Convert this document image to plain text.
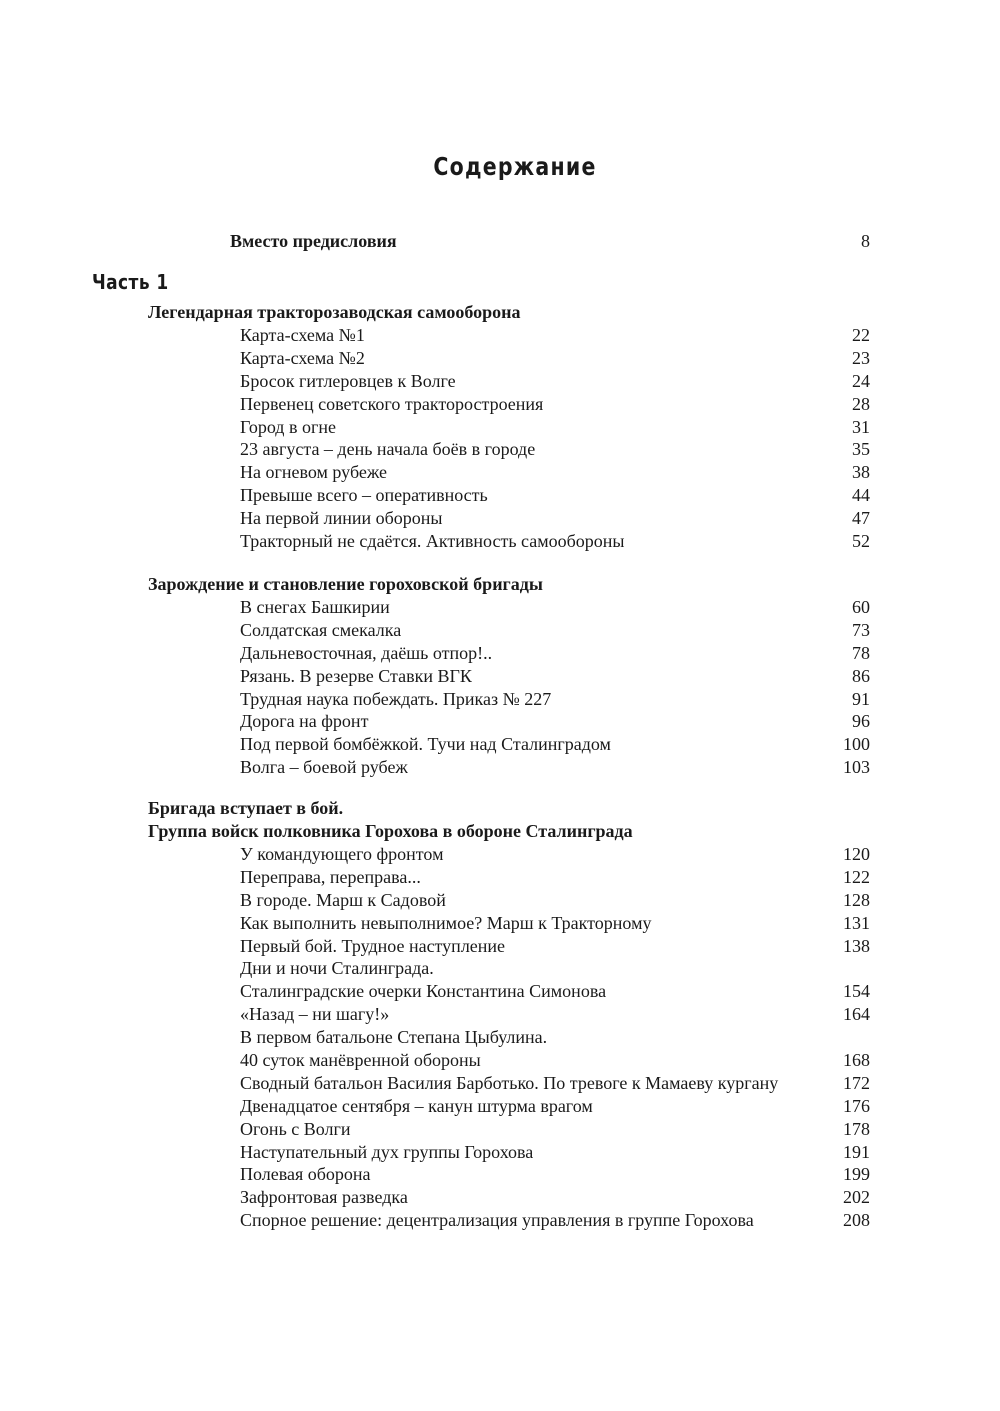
Содержание
Вместо предисловия	8
Часть 1
Легендарная тракторозаводская самооборона
Карта-схема №1	22
Карта-схема №2	23
Бросок гитлеровцев к Волге	24
Первенец советского тракторостроения	28
Город в огне	31
23 августа – день начала боёв в городе	35
На огневом рубеже	38
Превыше всего – оперативность	44
На первой линии обороны	47
Тракторный не сдаётся. Активность самообороны	52
Зарождение и становление гороховской бригады
В снегах Башкирии	60
Солдатская смекалка	73
Дальневосточная, даёшь отпор!..	78
Рязань. В резерве Ставки ВГК	86
Трудная наука побеждать. Приказ № 227	91
Дорога на фронт	96
Под первой бомбёжкой. Тучи над Сталинградом	100
Волга – боевой рубеж	103
Бригада вступает в бой.
Группа войск полковника Горохова в обороне Сталинграда
У командующего фронтом	120
Переправа, переправа...	122
В городе. Марш к Садовой	128
Как выполнить невыполнимое? Марш к Тракторному	131
Первый бой. Трудное наступление	138
Дни и ночи Сталинграда.
Сталинградские очерки Константина Симонова	154
«Назад – ни шагу!»	164
В первом батальоне Степана Цыбулина.
40 суток манёвренной обороны	168
Сводный батальон Василия Барботько. По тревоге к Мамаеву кургану	172
Двенадцатое сентября – канун штурма врагом	176
Огонь с Волги	178
Наступательный дух группы Горохова	191
Полевая оборона	199
Зафронтовая разведка	202
Спорное решение: децентрализация управления в группе Горохова	208
